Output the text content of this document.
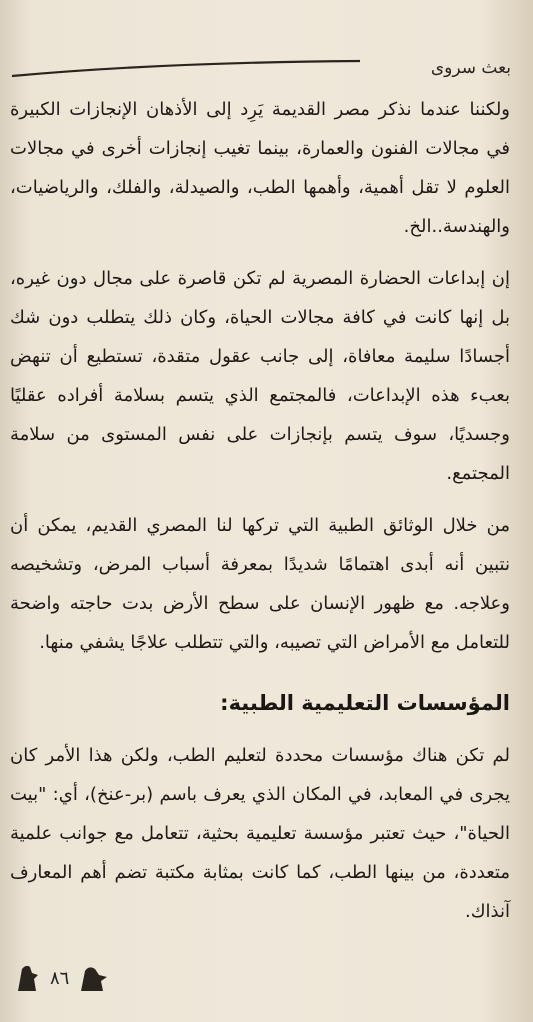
بعث سروى

ولكننا عندما نذكر مصر القديمة يَرِد إلى الأذهان الإنجازات الكبيرة في مجالات الفنون والعمارة، بينما تغيب إنجازات أخرى في مجالات العلوم لا تقل أهمية، وأهمها الطب، والصيدلة، والفلك، والرياضيات، والهندسة..الخ.

إن إبداعات الحضارة المصرية لم تكن قاصرة على مجال دون غيره، بل إنها كانت في كافة مجالات الحياة، وكان ذلك يتطلب دون شك أجسادًا سليمة معافاة، إلى جانب عقول متقدة، تستطيع أن تنهض بعبء هذه الإبداعات، فالمجتمع الذي يتسم بسلامة أفراده عقليًا وجسديًا، سوف يتسم بإنجازات على نفس المستوى من سلامة المجتمع.

من خلال الوثائق الطبية التي تركها لنا المصري القديم، يمكن أن نتبين أنه أبدى اهتمامًا شديدًا بمعرفة أسباب المرض، وتشخيصه وعلاجه. مع ظهور الإنسان على سطح الأرض بدت حاجته واضحة للتعامل مع الأمراض التي تصيبه، والتي تتطلب علاجًا يشفي منها.

المؤسسات التعليمية الطبية:

لم تكن هناك مؤسسات محددة لتعليم الطب، ولكن هذا الأمر كان يجرى في المعابد، في المكان الذي يعرف باسم (بر-عنخ)، أي: "بيت الحياة"، حيث تعتبر مؤسسة تعليمية بحثية، تتعامل مع جوانب علمية متعددة، من بينها الطب، كما كانت بمثابة مكتبة تضم أهم المعارف آنذاك.

٨٦
